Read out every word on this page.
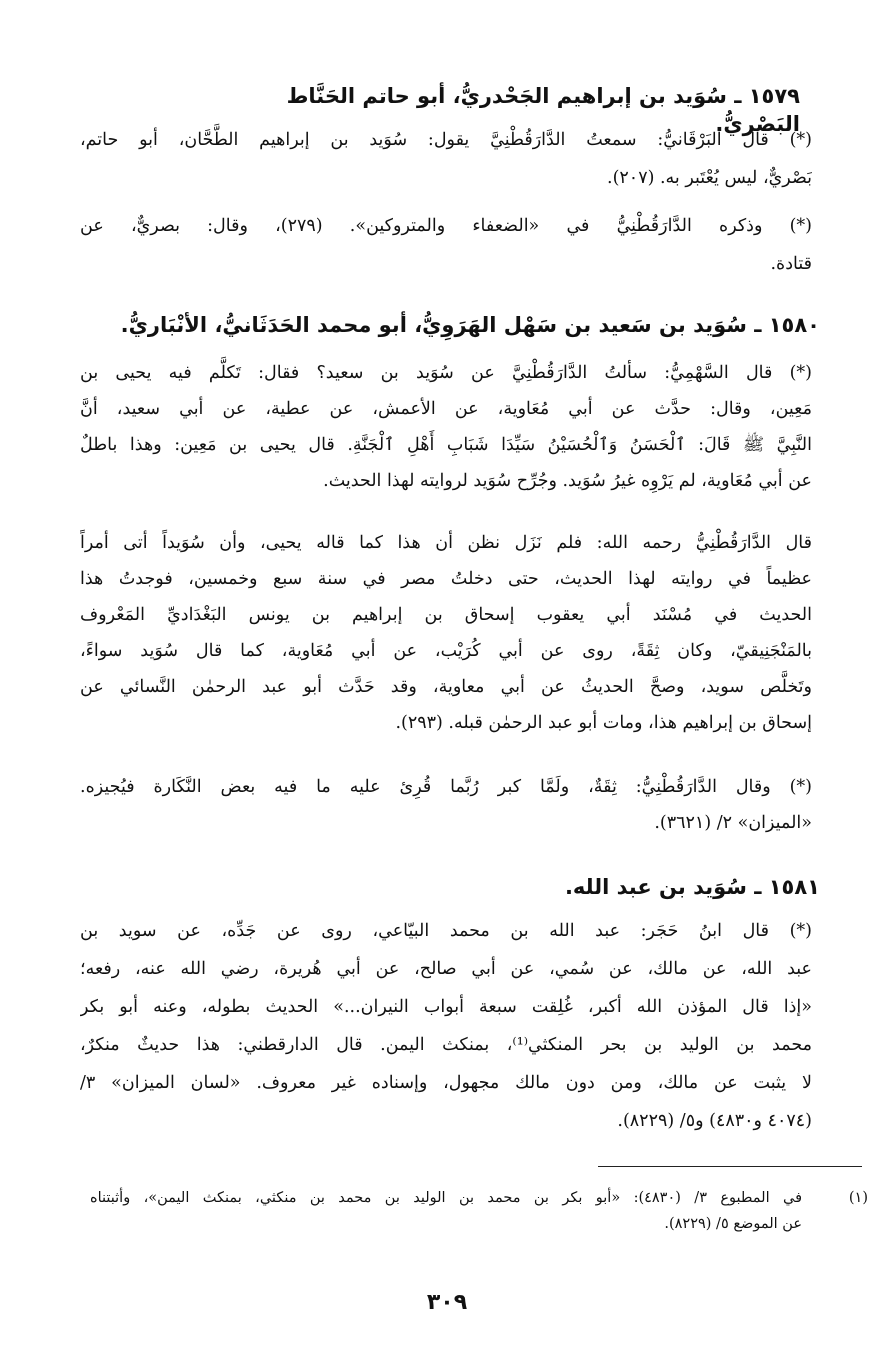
١٥٧٩ ـ سُوَيد بن إبراهيم الجَحْدريُّ، أبو حاتم الحَنَّاط البَصْريُّ.
(*) قال البَرْقَانيُّ: سمعتُ الدَّارَقُطْنِيَّ يقول: سُوَيد بن إبراهيم الطَّحَّان، أبو حاتم،
بَصْريٌّ، ليس يُعْتَبر به. (٢٠٧).
(*) وذكره الدَّارَقُطْنِيُّ في «الضعفاء والمتروكين». (٢٧٩)، وقال: بصريٌّ، عن
قتادة.
١٥٨٠ ـ سُوَيد بن سَعيد بن سَهْل الهَرَوِيُّ، أبو محمد الحَدَثَانيُّ، الأنْبَاريُّ.
(*) قال السَّهْمِيُّ: سألتُ الدَّارَقُطْنِيَّ عن سُوَيد بن سعيد؟ فقال: تَكلَّم فيه يحيى بن
مَعِين، وقال: حدَّث عن أبي مُعَاوية، عن الأعمش، عن عطية، عن أبي سعيد، أنَّ
النَّبِيَّ ﷺ قَالَ: ٱلْحَسَنُ وَٱلْحُسَيْنُ سَيِّدَا شَبَابِ أَهْلِ ٱلْجَنَّةِ. قال يحيى بن مَعِين: وهذا باطلٌ
عن أبي مُعَاوية، لم يَرْوِه غيرُ سُوَيد. وجُرِّح سُوَيد لروايته لهذا الحديث.
قال الدَّارَقُطْنِيُّ رحمه الله: فلم نَزَل نظن أن هذا كما قاله يحيى، وأن سُوَيداً أتى أمراً
عظيماً في روايته لهذا الحديث، حتى دخلتُ مصر في سنة سبع وخمسين، فوجدتُ هذا
الحديث في مُسْنَد أبي يعقوب إسحاق بن إبراهيم بن يونس البَغْدَاديِّ المَعْروف
بالمَنْجَنِيقيّ، وكان ثِقَةً، روى عن أبي كُرَيْب، عن أبي مُعَاوية، كما قال سُوَيد سواءً،
وتَخلَّص سويد، وصحَّ الحديثُ عن أبي معاوية، وقد حَدَّث أبو عبد الرحمٰن النَّسائي عن
إسحاق بن إبراهيم هذا، ومات أبو عبد الرحمٰن قبله. (٢٩٣).
(*) وقال الدَّارَقُطْنِيُّ: ثِقَةٌ، ولَمَّا كبر رُبَّما قُرِئ عليه ما فيه بعض النَّكَارة فيُجيزه.
«الميزان» ٢/ (٣٦٢١).
١٥٨١ ـ سُوَيد بن عبد الله.
(*) قال ابنُ حَجَر: عبد الله بن محمد البيّاعي، روى عن جَدِّه، عن سويد بن
عبد الله، عن مالك، عن سُمي، عن أبي صالح، عن أبي هُريرة، رضي الله عنه، رفعه؛
«إذا قال المؤذن الله أكبر، غُلِقت سبعة أبواب النيران...» الحديث بطوله، وعنه أبو بكر
محمد بن الوليد بن بحر المنكثي⁽¹⁾، بمنكث اليمن. قال الدارقطني: هذا حديثٌ منكرٌ،
لا يثبت عن مالك، ومن دون مالك مجهول، وإسناده غير معروف. «لسان الميزان» ٣/
(٤٠٧٤ و٤٨٣٠) و٥/ (٨٢٢٩).
(١)
في المطبوع ٣/ (٤٨٣٠): «أبو بكر بن محمد بن الوليد بن محمد بن منكثي، بمنكث اليمن»، وأثبتناه
عن الموضع ٥/ (٨٢٢٩).
٣٠٩
